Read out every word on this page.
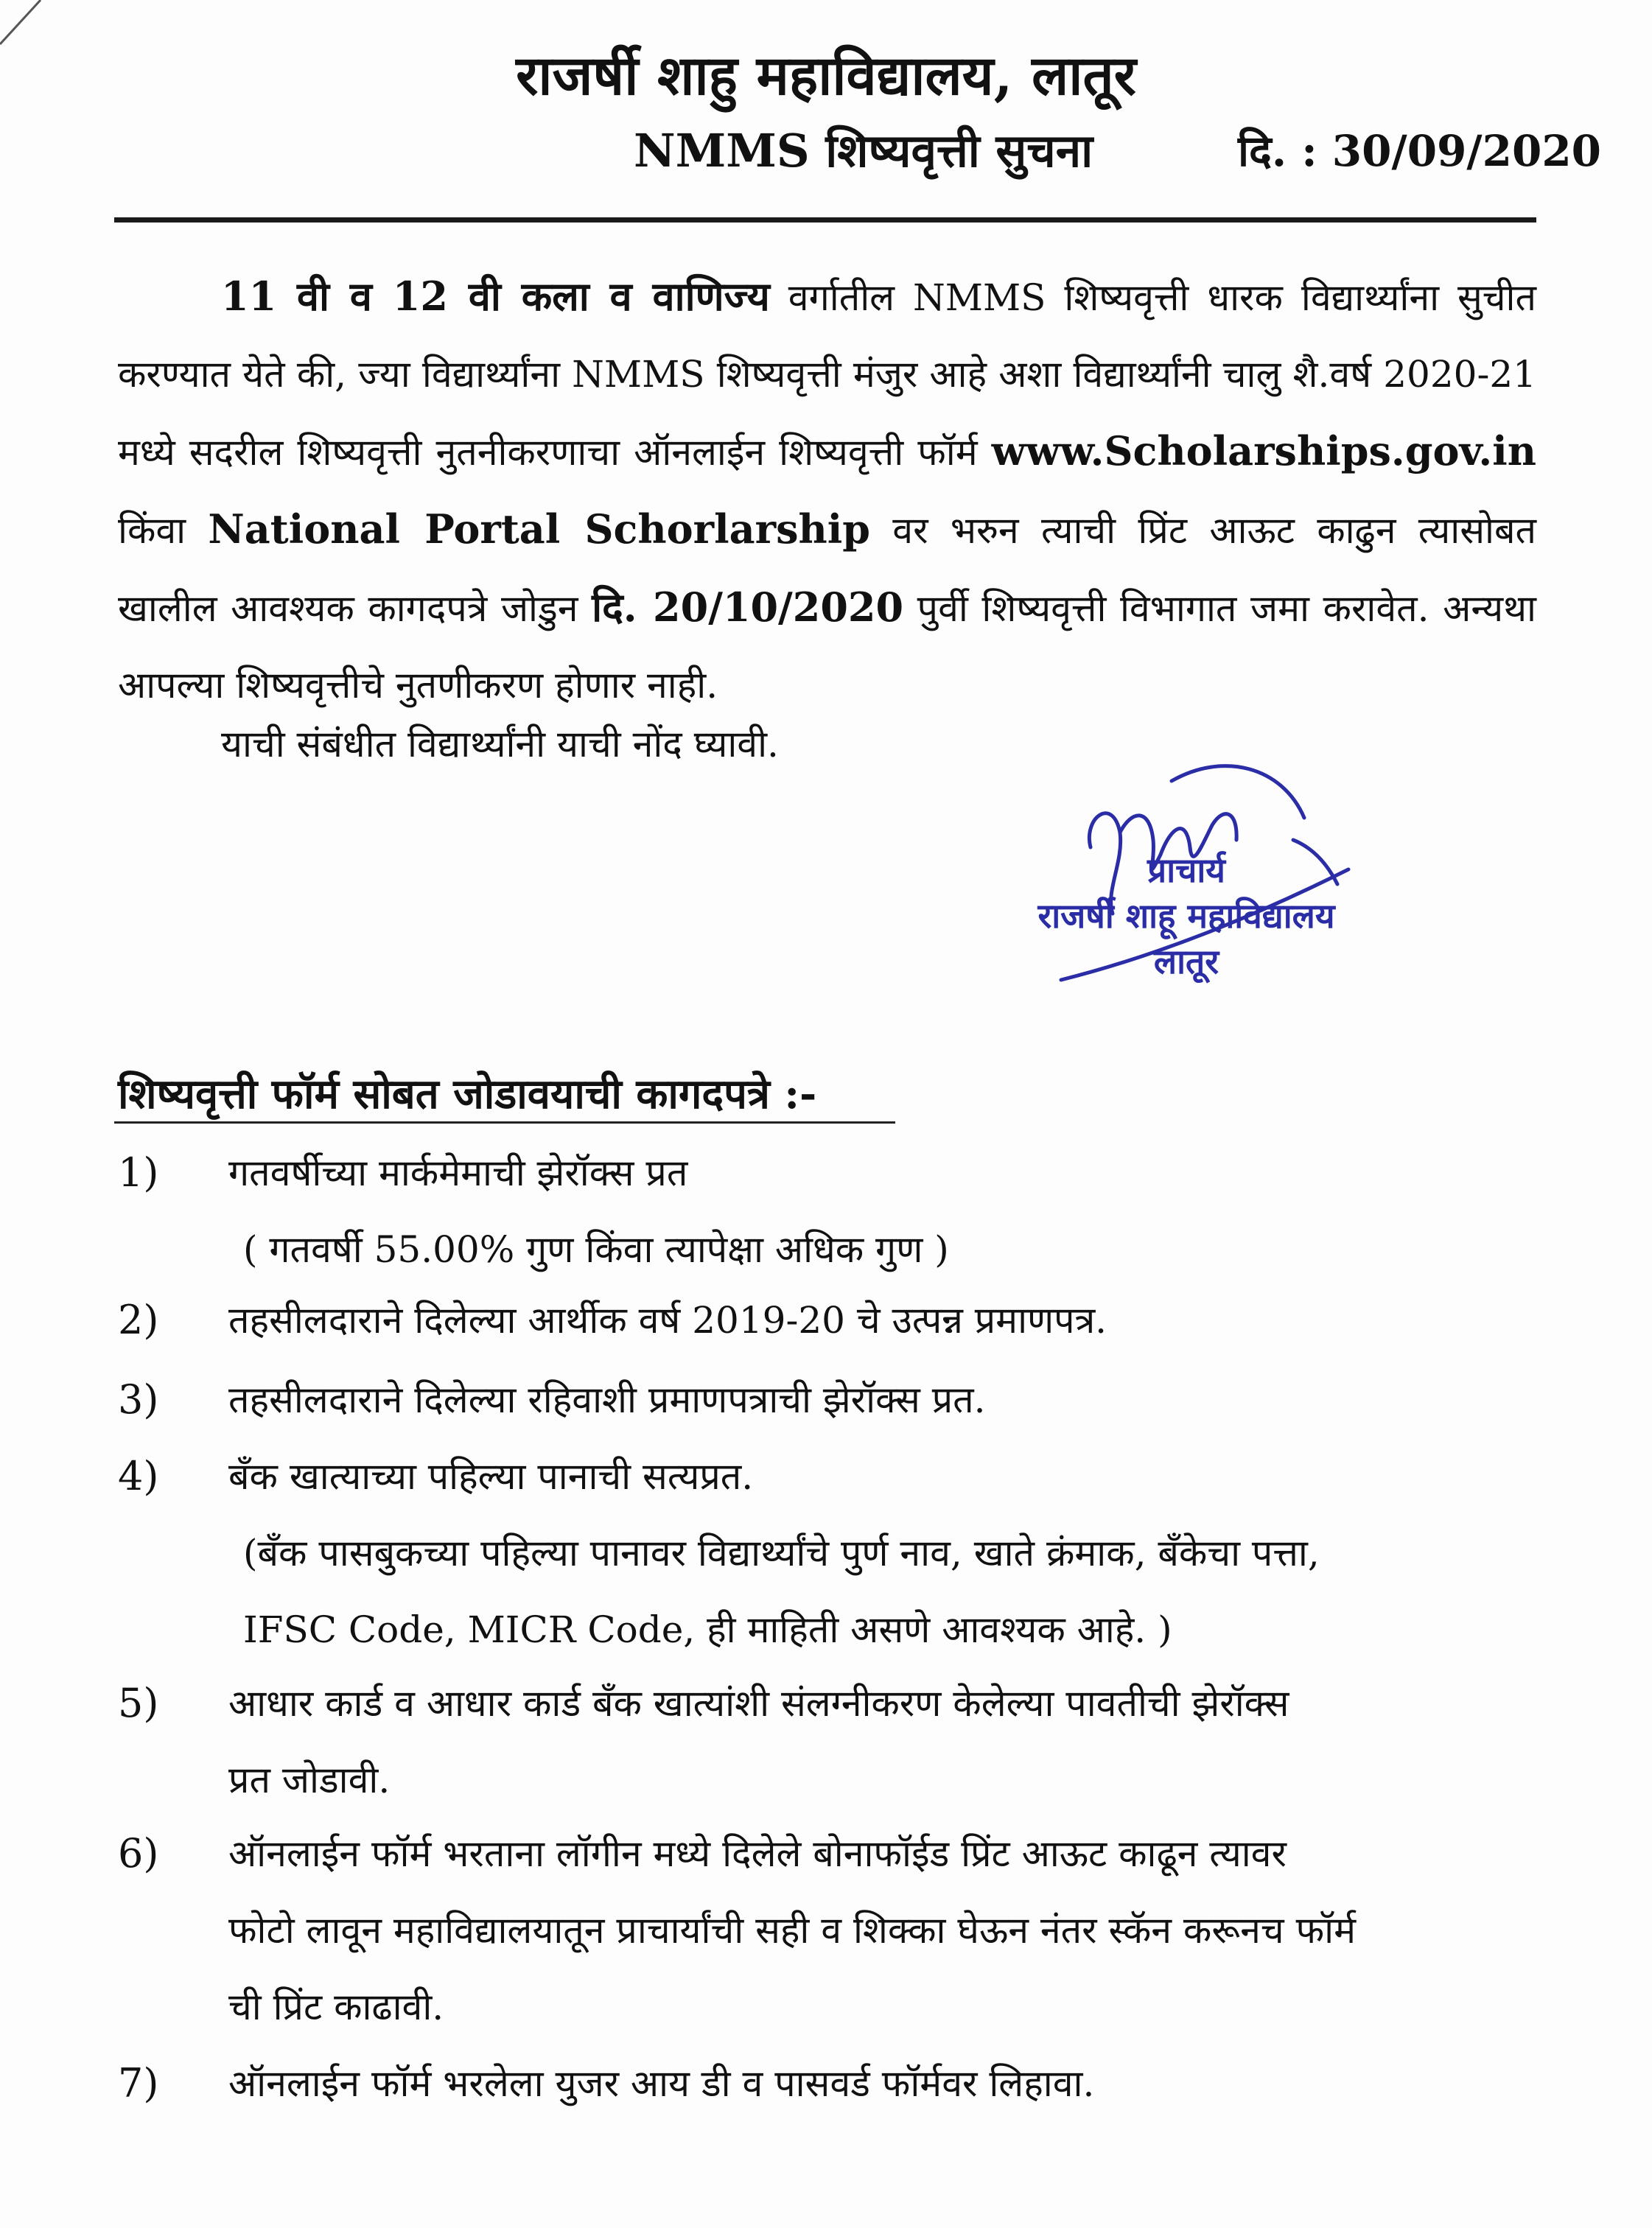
राजर्षी शाहु महाविद्यालय, लातूर
NMMS शिष्यवृत्ती सुचना	दि. : 30/09/2020

11 वी व 12 वी कला व वाणिज्य वर्गातील NMMS शिष्यवृत्ती धारक विद्यार्थ्यांना सुचीत करण्यात येते की, ज्या विद्यार्थ्यांना NMMS शिष्यवृत्ती मंजुर आहे अशा विद्यार्थ्यांनी चालु शै.वर्ष 2020-21 मध्ये सदरील शिष्यवृत्ती नुतनीकरणाचा ऑनलाईन शिष्यवृत्ती फॉर्म www.Scholarships.gov.in किंवा National Portal Schorlarship वर भरुन त्याची प्रिंट आऊट काढुन त्यासोबत खालील आवश्यक कागदपत्रे जोडुन दि. 20/10/2020 पुर्वी शिष्यवृत्ती विभागात जमा करावेत. अन्यथा आपल्या शिष्यवृत्तीचे नुतणीकरण होणार नाही.

याची संबंधीत विद्यार्थ्यांनी याची नोंद घ्यावी.
प्राचार्य
राजर्षी शाहू महाविद्यालय
लातूर
शिष्यवृत्ती फॉर्म सोबत जोडावयाची कागदपत्रे :-
1)	गतवर्षीच्या मार्कमेमाची झेरॉक्स प्रत
( गतवर्षी 55.00% गुण किंवा त्यापेक्षा अधिक गुण )
2)	तहसीलदाराने दिलेल्या आर्थीक वर्ष 2019-20 चे उत्पन्न प्रमाणपत्र.
3)	तहसीलदाराने दिलेल्या रहिवाशी प्रमाणपत्राची झेरॉक्स प्रत.
4)	बँक खात्याच्या पहिल्या पानाची सत्यप्रत.
(बँक पासबुकच्या पहिल्या पानावर विद्यार्थ्यांचे पुर्ण नाव, खाते क्रंमाक, बँकेचा पत्ता,
IFSC Code, MICR Code, ही माहिती असणे आवश्यक आहे. )
5)	आधार कार्ड व आधार कार्ड बँक खात्यांशी संलग्नीकरण केलेल्या पावतीची झेरॉक्स
प्रत जोडावी.
6)	ऑनलाईन फॉर्म भरताना लॉगीन मध्ये दिलेले बोनाफॉईड प्रिंट आऊट काढून त्यावर
फोटो लावून महाविद्यालयातून प्राचार्यांची सही व शिक्का घेऊन नंतर स्कॅन करूनच फॉर्म
ची प्रिंट काढावी.
7)	ऑनलाईन फॉर्म भरलेला युजर आय डी व पासवर्ड फॉर्मवर लिहावा.
